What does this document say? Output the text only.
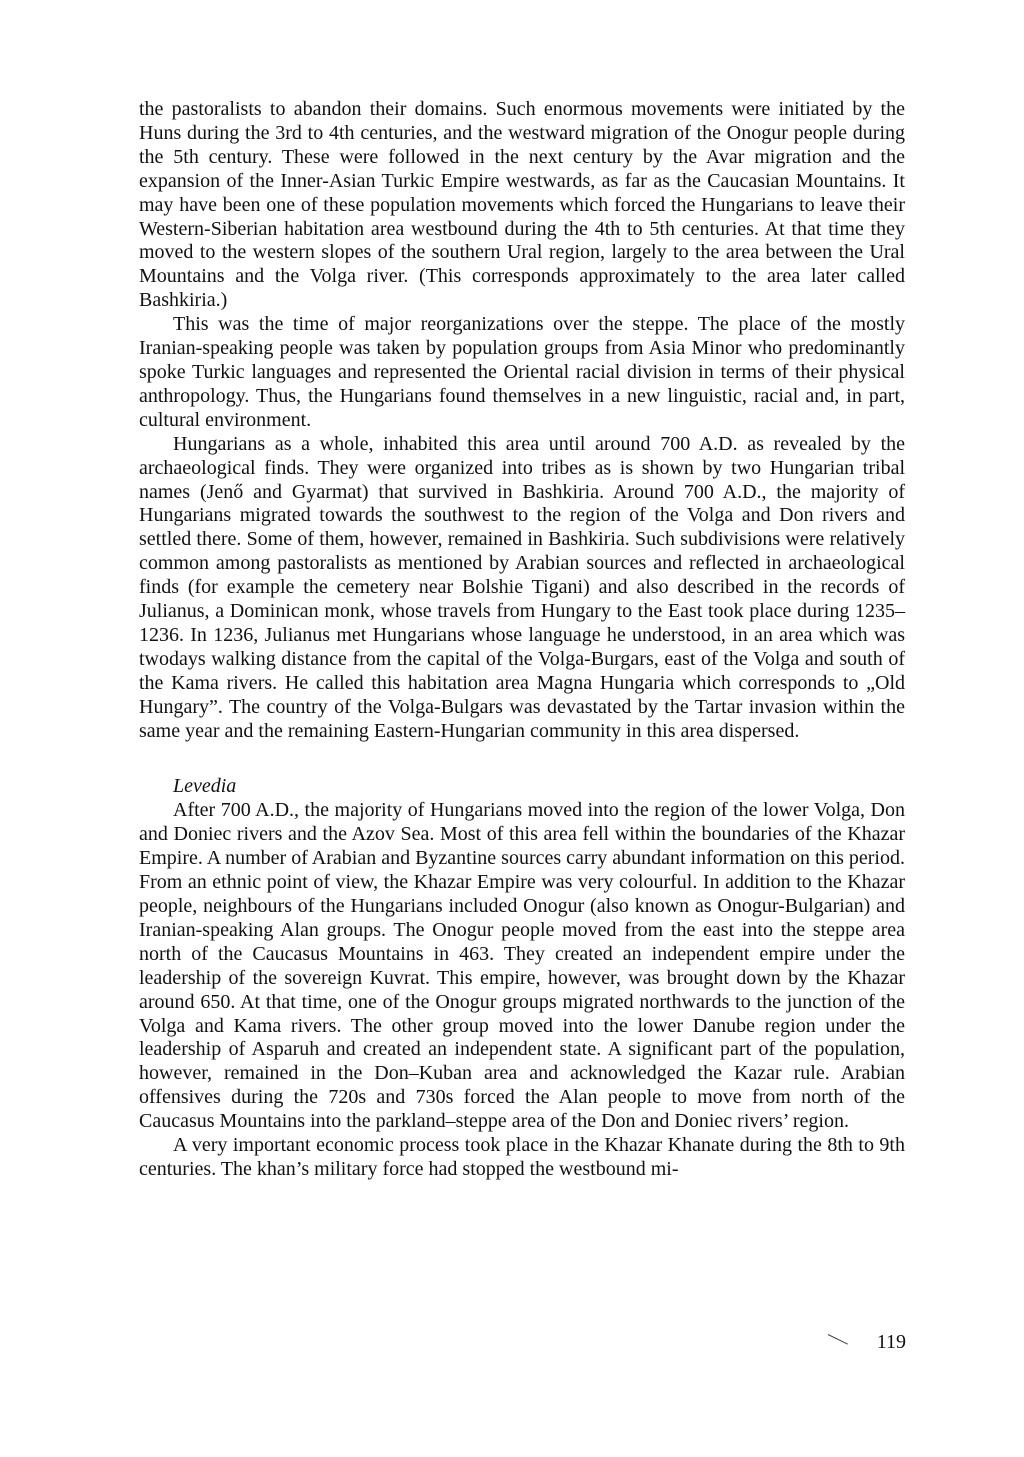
the pastoralists to abandon their domains. Such enormous movements were initiated by the Huns during the 3rd to 4th centuries, and the westward migration of the Onogur people during the 5th century. These were followed in the next century by the Avar migration and the expansion of the Inner-Asian Turkic Empire westwards, as far as the Caucasian Mountains. It may have been one of these population movements which forced the Hungarians to leave their Western-Siberian habitation area westbound during the 4th to 5th centuries. At that time they moved to the western slopes of the southern Ural region, largely to the area between the Ural Mountains and the Volga river. (This corresponds approximately to the area later called Bashkiria.)

This was the time of major reorganizations over the steppe. The place of the mostly Iranian-speaking people was taken by population groups from Asia Minor who predominantly spoke Turkic languages and represented the Oriental racial division in terms of their physical anthropology. Thus, the Hungarians found themselves in a new linguistic, racial and, in part, cultural environment.

Hungarians as a whole, inhabited this area until around 700 A.D. as revealed by the archaeological finds. They were organized into tribes as is shown by two Hungarian tribal names (Jenő and Gyarmat) that survived in Bashkiria. Around 700 A.D., the majority of Hungarians migrated towards the southwest to the region of the Volga and Don rivers and settled there. Some of them, however, remained in Bashkiria. Such subdivisions were relatively common among pastoralists as mentioned by Arabian sources and reflected in archaeological finds (for example the cemetery near Bolshie Tigani) and also described in the records of Julianus, a Dominican monk, whose travels from Hungary to the East took place during 1235–1236. In 1236, Julianus met Hungarians whose language he understood, in an area which was twodays walking distance from the capital of the Volga-Burgars, east of the Volga and south of the Kama rivers. He called this habitation area Magna Hungaria which corresponds to „Old Hungary”. The country of the Volga-Bulgars was devastated by the Tartar invasion within the same year and the remaining Eastern-Hungarian community in this area dispersed.

Levedia

After 700 A.D., the majority of Hungarians moved into the region of the lower Volga, Don and Doniec rivers and the Azov Sea. Most of this area fell within the boundaries of the Khazar Empire. A number of Arabian and Byzantine sources carry abundant information on this period. From an ethnic point of view, the Khazar Empire was very colourful. In addition to the Khazar people, neighbours of the Hungarians included Onogur (also known as Onogur-Bulgarian) and Iranian-speaking Alan groups. The Onogur people moved from the east into the steppe area north of the Caucasus Mountains in 463. They created an independent empire under the leadership of the sovereign Kuvrat. This empire, however, was brought down by the Khazar around 650. At that time, one of the Onogur groups migrated northwards to the junction of the Volga and Kama rivers. The other group moved into the lower Danube region under the leadership of Asparuh and created an independent state. A significant part of the population, however, remained in the Don–Kuban area and acknowledged the Kazar rule. Arabian offensives during the 720s and 730s forced the Alan people to move from north of the Caucasus Mountains into the parkland–steppe area of the Don and Doniec rivers’ region.

A very important economic process took place in the Khazar Khanate during the 8th to 9th centuries. The khan’s military force had stopped the westbound mi-

119
